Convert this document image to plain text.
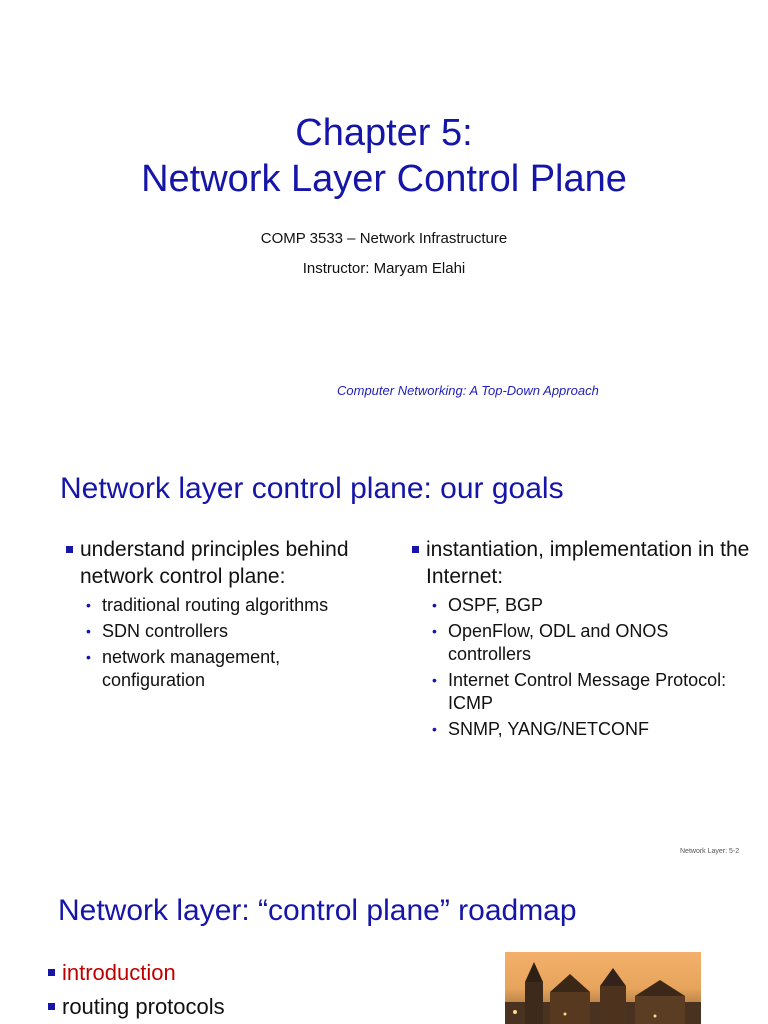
Chapter 5:
Network Layer Control Plane
COMP 3533 – Network Infrastructure
Instructor: Maryam Elahi
Computer Networking: A Top-Down Approach
Network layer control plane: our goals
understand principles behind network control plane:
• traditional routing algorithms
• SDN controllers
• network management, configuration
instantiation, implementation in the Internet:
• OSPF, BGP
• OpenFlow, ODL and ONOS controllers
• Internet Control Message Protocol: ICMP
• SNMP, YANG/NETCONF
Network Layer: 5-2
Network layer: “control plane” roadmap
introduction
routing protocols
